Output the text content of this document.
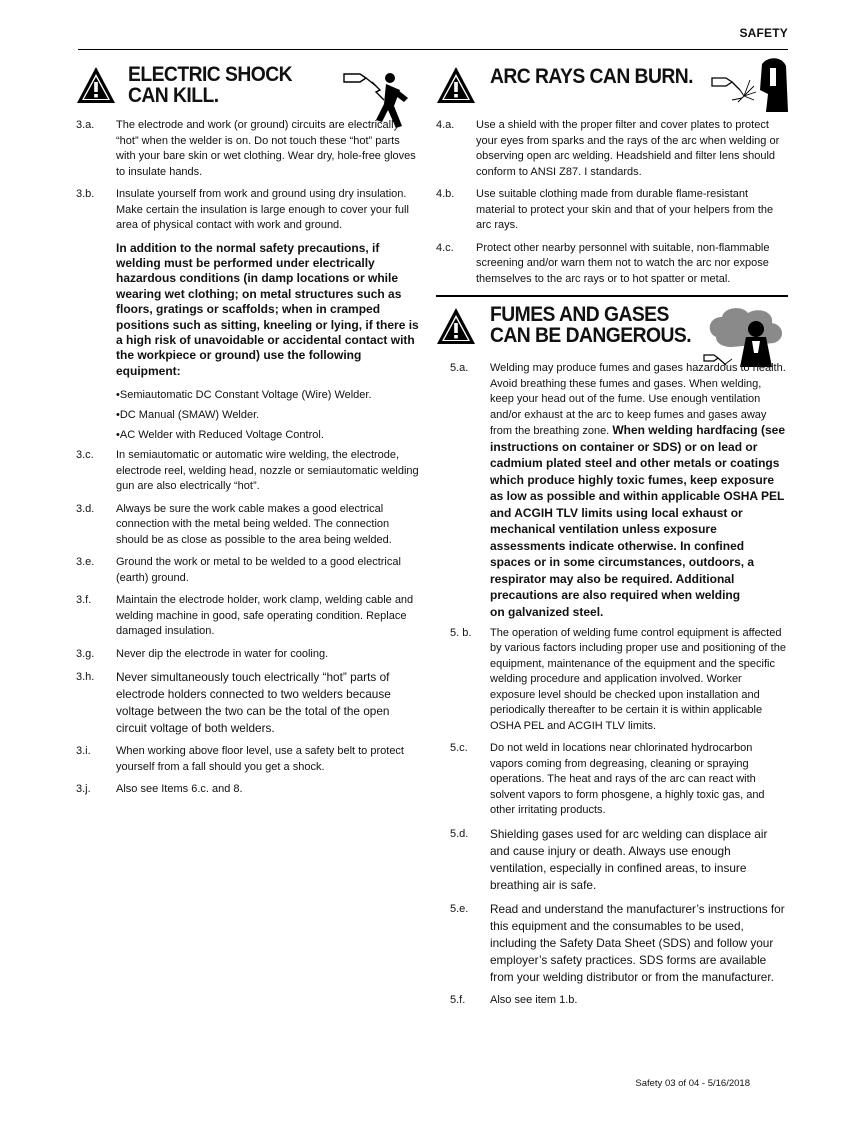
SAFETY
ELECTRIC SHOCK
CAN KILL.
3.a.	The electrode and work (or ground) circuits are electrically “hot” when the welder is on. Do not touch these “hot” parts with your bare skin or wet clothing. Wear dry, hole-free gloves to insulate hands.
3.b.	Insulate yourself from work and ground using dry insulation. Make certain the insulation is large enough to cover your full area of physical contact with work and ground.
In addition to the normal safety precautions, if welding must be performed under electrically hazardous conditions (in damp locations or while wearing wet clothing; on metal structures such as floors, gratings or scaffolds; when in cramped positions such as sitting, kneeling or lying, if there is a high risk of unavoidable or accidental contact with the workpiece or ground) use the following equipment:
• Semiautomatic DC Constant Voltage (Wire) Welder.
• DC Manual (SMAW) Welder.
• AC Welder with Reduced Voltage Control.
3.c.	In semiautomatic or automatic wire welding, the electrode, electrode reel, welding head, nozzle or semiautomatic welding gun are also electrically “hot”.
3.d.	Always be sure the work cable makes a good electrical connection with the metal being welded. The connection should be as close as possible to the area being welded.
3.e.	Ground the work or metal to be welded to a good electrical (earth) ground.
3.f.	Maintain the electrode holder, work clamp, welding cable and welding machine in good, safe operating condition. Replace damaged insulation.
3.g.	Never dip the electrode in water for cooling.
3.h.	Never simultaneously touch electrically “hot” parts of electrode holders connected to two welders because voltage between the two can be the total of the open circuit voltage of both welders.
3.i.	When working above floor level, use a safety belt to protect yourself from a fall should you get a shock.
3.j.	Also see Items 6.c. and 8.
ARC RAYS CAN BURN.
4.a.	Use a shield with the proper filter and cover plates to protect your eyes from sparks and the rays of the arc when welding or observing open arc welding. Headshield and filter lens should conform to ANSI Z87. I standards.
4.b.	Use suitable clothing made from durable flame-resistant material to protect your skin and that of your helpers from the arc rays.
4.c.	Protect other nearby personnel with suitable, non-flammable screening and/or warn them not to watch the arc nor expose themselves to the arc rays or to hot spatter or metal.
FUMES AND GASES
CAN BE DANGEROUS.
5.a.	Welding may produce fumes and gases hazardous to health. Avoid breathing these fumes and gases. When welding, keep your head out of the fume. Use enough ventilation and/or exhaust at the arc to keep fumes and gases away from the breathing zone. When welding hardfacing (see instructions on container or SDS) or on lead or cadmium plated steel and other metals or coatings which produce highly toxic fumes, keep exposure as low as possible and within applicable OSHA PEL and ACGIH TLV limits using local exhaust or mechanical ventilation unless exposure assessments indicate otherwise. In confined spaces or in some circumstances, outdoors, a respirator may also be required. Additional precautions are also required when welding
on galvanized steel.
5. b.	The operation of welding fume control equipment is affected by various factors including proper use and positioning of the equipment, maintenance of the equipment and the specific welding procedure and application involved. Worker exposure level should be checked upon installation and periodically thereafter to be certain it is within applicable OSHA PEL and ACGIH TLV limits.
5.c.	Do not weld in locations near chlorinated hydrocarbon vapors coming from degreasing, cleaning or spraying operations. The heat and rays of the arc can react with solvent vapors to form phosgene, a highly toxic gas, and other irritating products.
5.d.	Shielding gases used for arc welding can displace air and cause injury or death. Always use enough ventilation, especially in confined areas, to insure breathing air is safe.
5.e.	Read and understand the manufacturer’s instructions for this equipment and the consumables to be used, including the Safety Data Sheet (SDS) and follow your employer’s safety practices. SDS forms are available from your welding distributor or from the manufacturer.
5.f.	Also see item 1.b.
Safety 03 of 04 - 5/16/2018
